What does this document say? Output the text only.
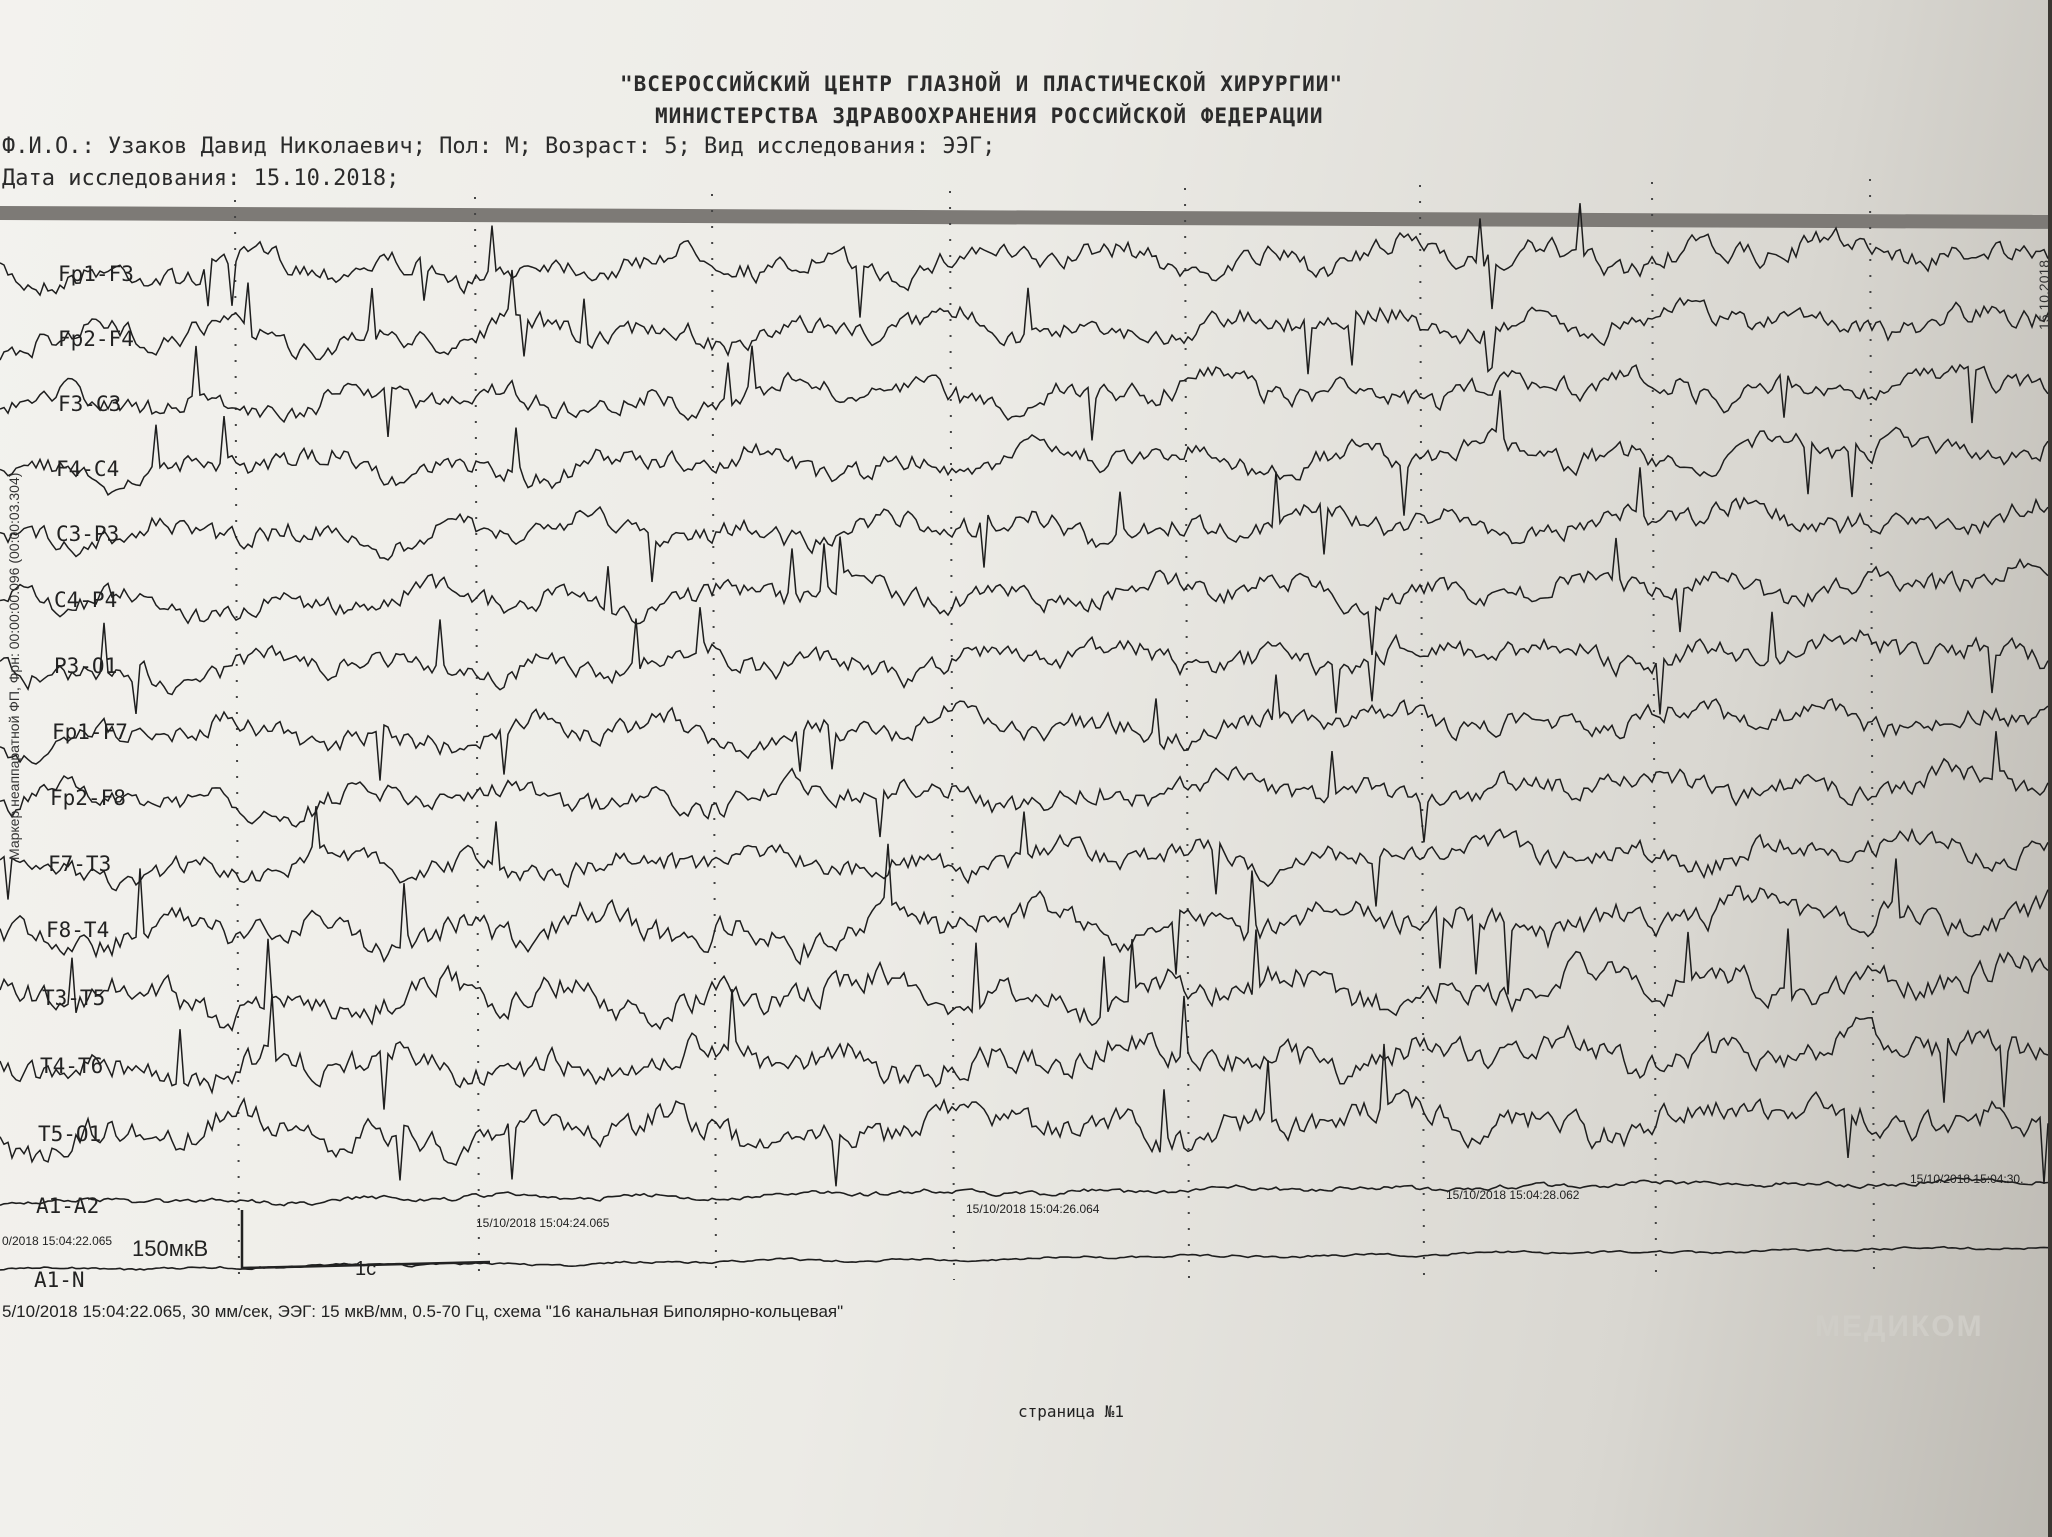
"ВСЕРОССИЙСКИЙ ЦЕНТР ГЛАЗНОЙ И ПЛАСТИЧЕСКОЙ ХИРУРГИИ"
МИНИСТЕРСТВА ЗДРАВООХРАНЕНИЯ РОССИЙСКОЙ ФЕДЕРАЦИИ
Ф.И.О.: Узаков Давид Николаевич; Пол: М; Возраст: 5; Вид исследования: ЭЭГ;
Дата исследования: 15.10.2018;
Маркер неаппаратной ФП, Фрн: 00:00:00.096 (00:00:03.304)
15.10.2018
Fp1-F3
Fp2-F4
F3-C3
F4-C4
C3-P3
C4-P4
P3-O1
Fp1-F7
Fp2-F8
F7-T3
F8-T4
T3-T5
T4-T6
T5-O1
A1-A2
A1-N
0/2018 15:04:22.065
15/10/2018 15:04:24.065
15/10/2018 15:04:26.064
15/10/2018 15:04:28.062
15/10/2018 15:04:30.
150мкВ
1с
5/10/2018 15:04:22.065, 30 мм/сек, ЭЭГ: 15 мкВ/мм, 0.5-70 Гц, схема "16 канальная Биполярно-кольцевая"	МЕДИКОМ
страница №1
